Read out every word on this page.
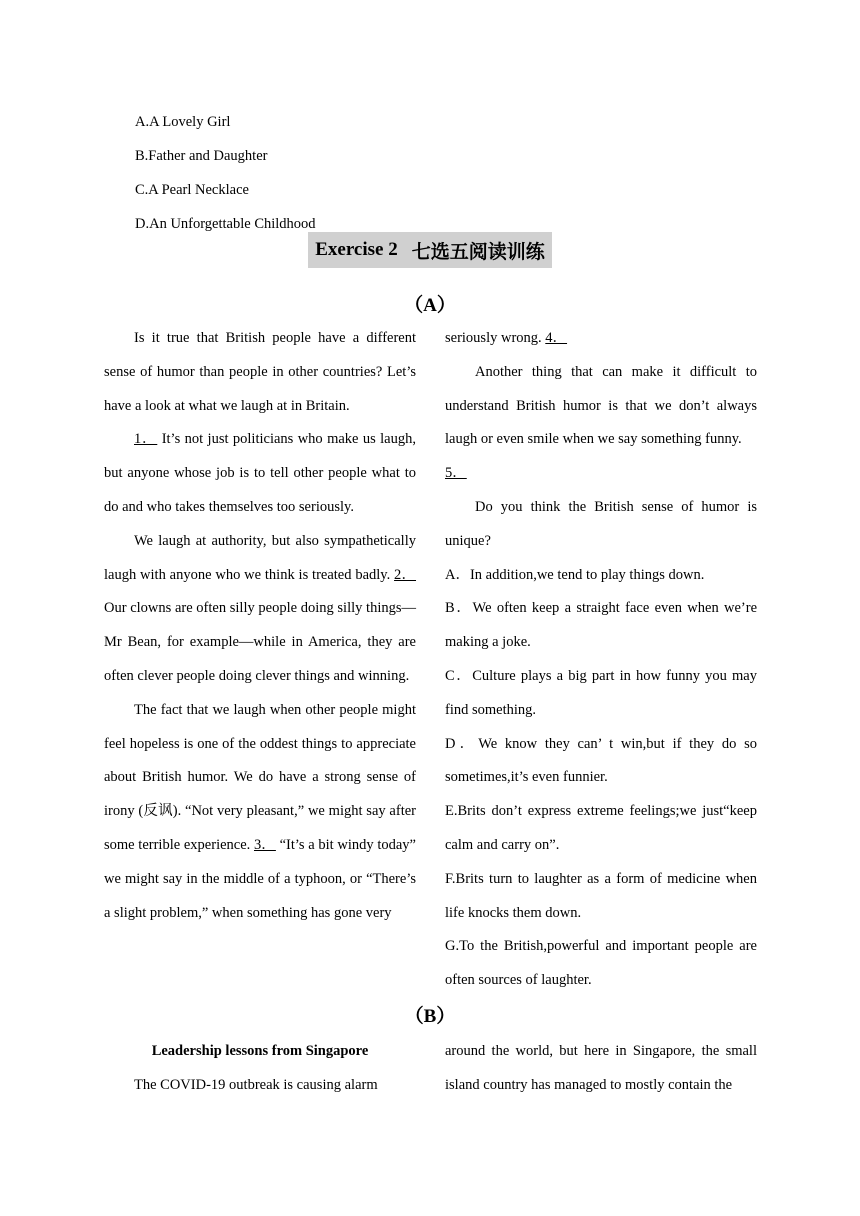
A.A Lovely Girl
B.Father and Daughter
C.A Pearl Necklace
D.An Unforgettable Childhood
Exercise 2 七选五阅读训练
（A）

Is it true that British people have a different sense of humor than people in other countries? Let’s have a look at what we laugh at in Britain.

1． It’s not just politicians who make us laugh, but anyone whose job is to tell other people what to do and who takes themselves too seriously.

We laugh at authority, but also sympathetically laugh with anyone who we think is treated badly. 2． Our clowns are often silly people doing silly things—Mr Bean, for example—while in America, they are often clever people doing clever things and winning.

The fact that we laugh when other people might feel hopeless is one of the oddest things to appreciate about British humor. We do have a strong sense of irony (反讽). “Not very pleasant,” we might say after some terrible experience. 3． “It’s a bit windy today” we might say in the middle of a typhoon, or “There’s a slight problem,” when something has gone very

seriously wrong. 4．

Another thing that can make it difficult to understand British humor is that we don’t always laugh or even smile when we say something funny.

5．

Do you think the British sense of humor is unique?

A．In addition,we tend to play things down.

B．We often keep a straight face even when we’re making a joke.

C．Culture plays a big part in how funny you may find something.

D．We know they can’ t win,but if they do so sometimes,it’s even funnier.

E.Brits don’t express extreme feelings;we just“keep calm and carry on”.

F.Brits turn to laughter as a form of medicine when life knocks them down.

G.To the British,powerful and important people are often sources of laughter.

（B）

Leadership lessons from Singapore

The COVID-19 outbreak is causing alarm

around the world, but here in Singapore, the small island country has managed to mostly contain the
